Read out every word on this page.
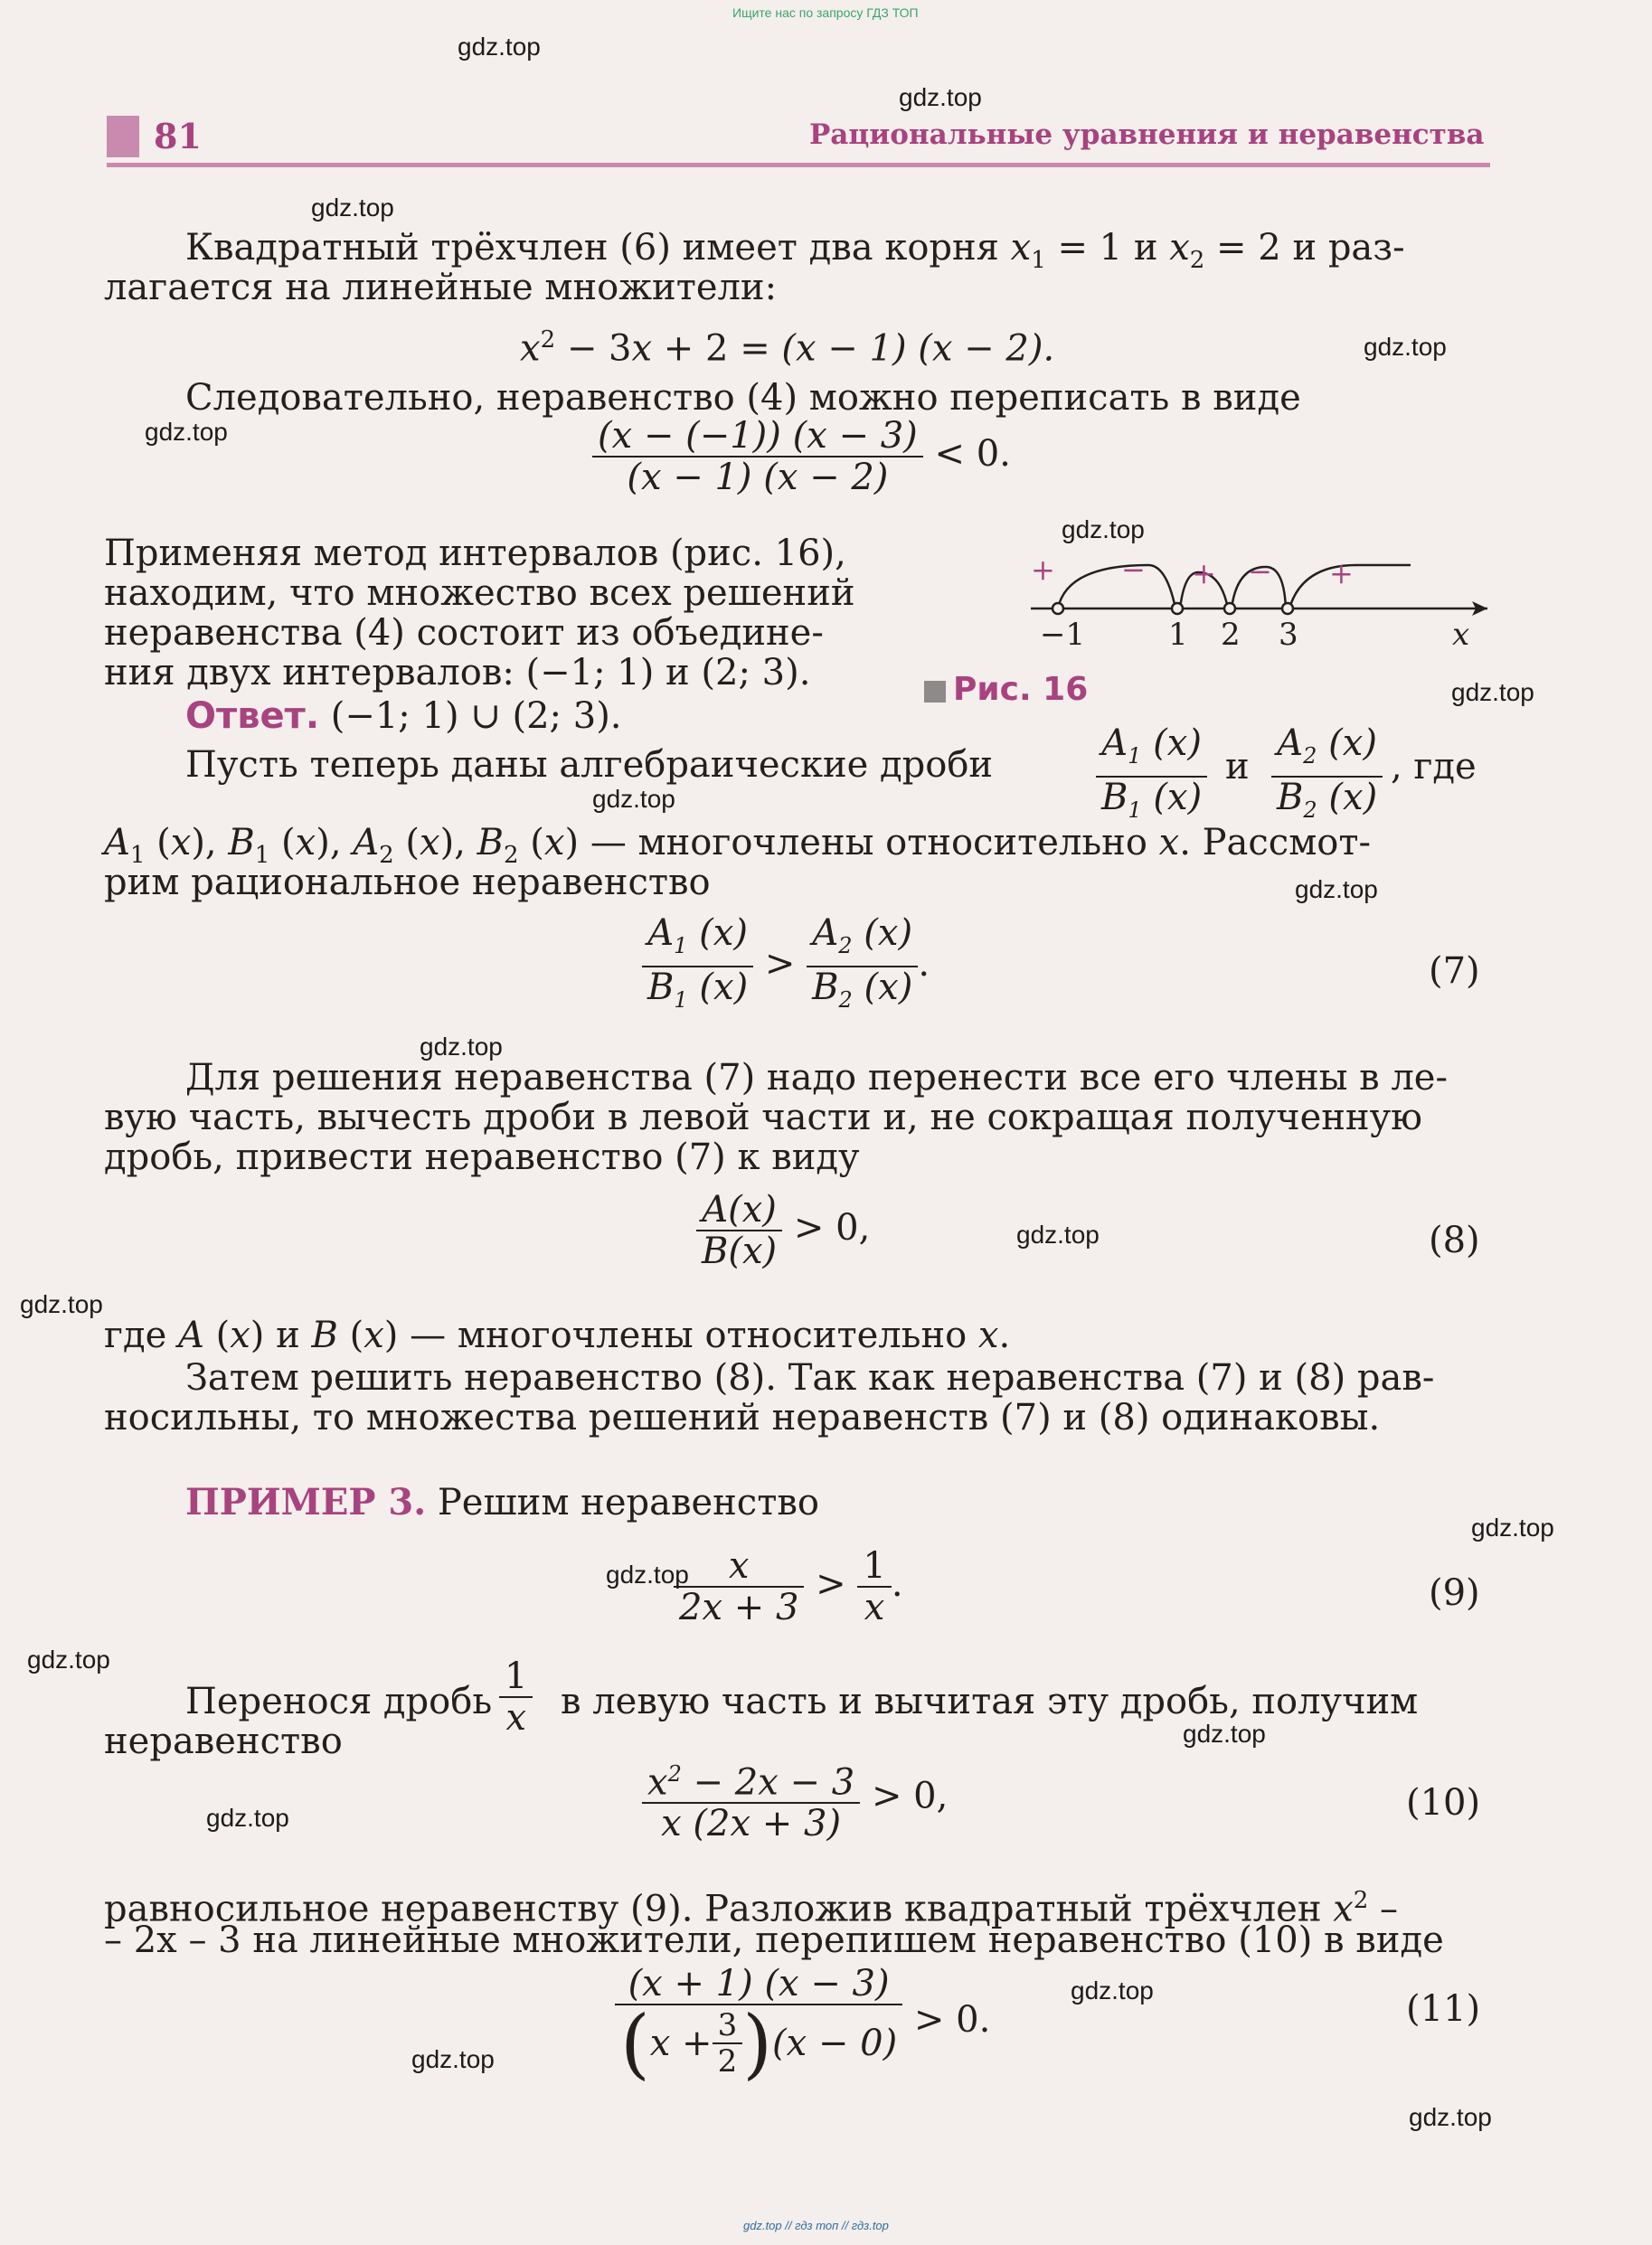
Ищите нас по запросу ГДЗ ТОП
81	Рациональные уравнения и неравенства
Квадратный трёхчлен (6) имеет два корня $x_1 = 1$ и $x_2 = 2$ и раз-
лагается на линейные множители:
$x^2 - 3x + 2 = (x - 1) (x - 2)$.
Следовательно, неравенство (4) можно переписать в виде
$\frac{(x - (-1)) (x - 3)}{(x - 1) (x - 2)} < 0$.
Применяя метод интервалов (рис. 16),
находим, что множество всех решений
неравенства (4) состоит из объедине-
ния двух интервалов: (−1; 1) и (2; 3).
+ − + − +
−1	1 2 3	x
Ответ. (−1; 1) ∪ (2; 3).
Рис. 16
Пусть теперь даны алгебраические дроби	$\frac{A_1 (x)}{B_1 (x)}$ и $\frac{A_2 (x)}{B_2 (x)}$ , где
$A_1$ (x), $B_1$ (x), $A_2$ (x), $B_2$ (x) — многочлены относительно x. Рассмот-
рим рациональное неравенство
$\frac{A_1 (x)}{B_1 (x)} > \frac{A_2 (x)}{B_2 (x)}$ .	(7)
Для решения неравенства (7) надо перенести все его члены в ле-
вую часть, вычесть дроби в левой части и, не сокращая полученную
дробь, привести неравенство (7) к виду
$\frac{A(x)}{B(x)} > 0$,	(8)
где A (x) и B (x) — многочлены относительно x.
Затем решить неравенство (8). Так как неравенства (7) и (8) рав-
носильны, то множества решений неравенств (7) и (8) одинаковы.
ПРИМЕР 3. Решим неравенство
$\frac{x}{2x + 3} > \frac{1}{x}$ .	(9)
Перенося дробь $\frac{1}{x}$ в левую часть и вычитая эту дробь, получим
неравенство
$\frac{x^2 - 2x - 3}{x (2x + 3)} > 0$,	(10)
равносильное неравенству (9). Разложив квадратный трёхчлен $x^2$ –
– 2x – 3 на линейные множители, перепишем неравенство (10) в виде
$\frac{(x + 1) (x - 3)}{( x + \frac{3}{2} ) (x - 0)} > 0$.	(11)
gdz.top
gdz.top
gdz.top
gdz.top
gdz.top
gdz.top
gdz.top
gdz.top
gdz.top
gdz.top
gdz.top
gdz.top
gdz.top
gdz.top
gdz.top
gdz.top
gdz.top
gdz.top
gdz.top
gdz.top
gdz.top // гдз топ // гдз.top
